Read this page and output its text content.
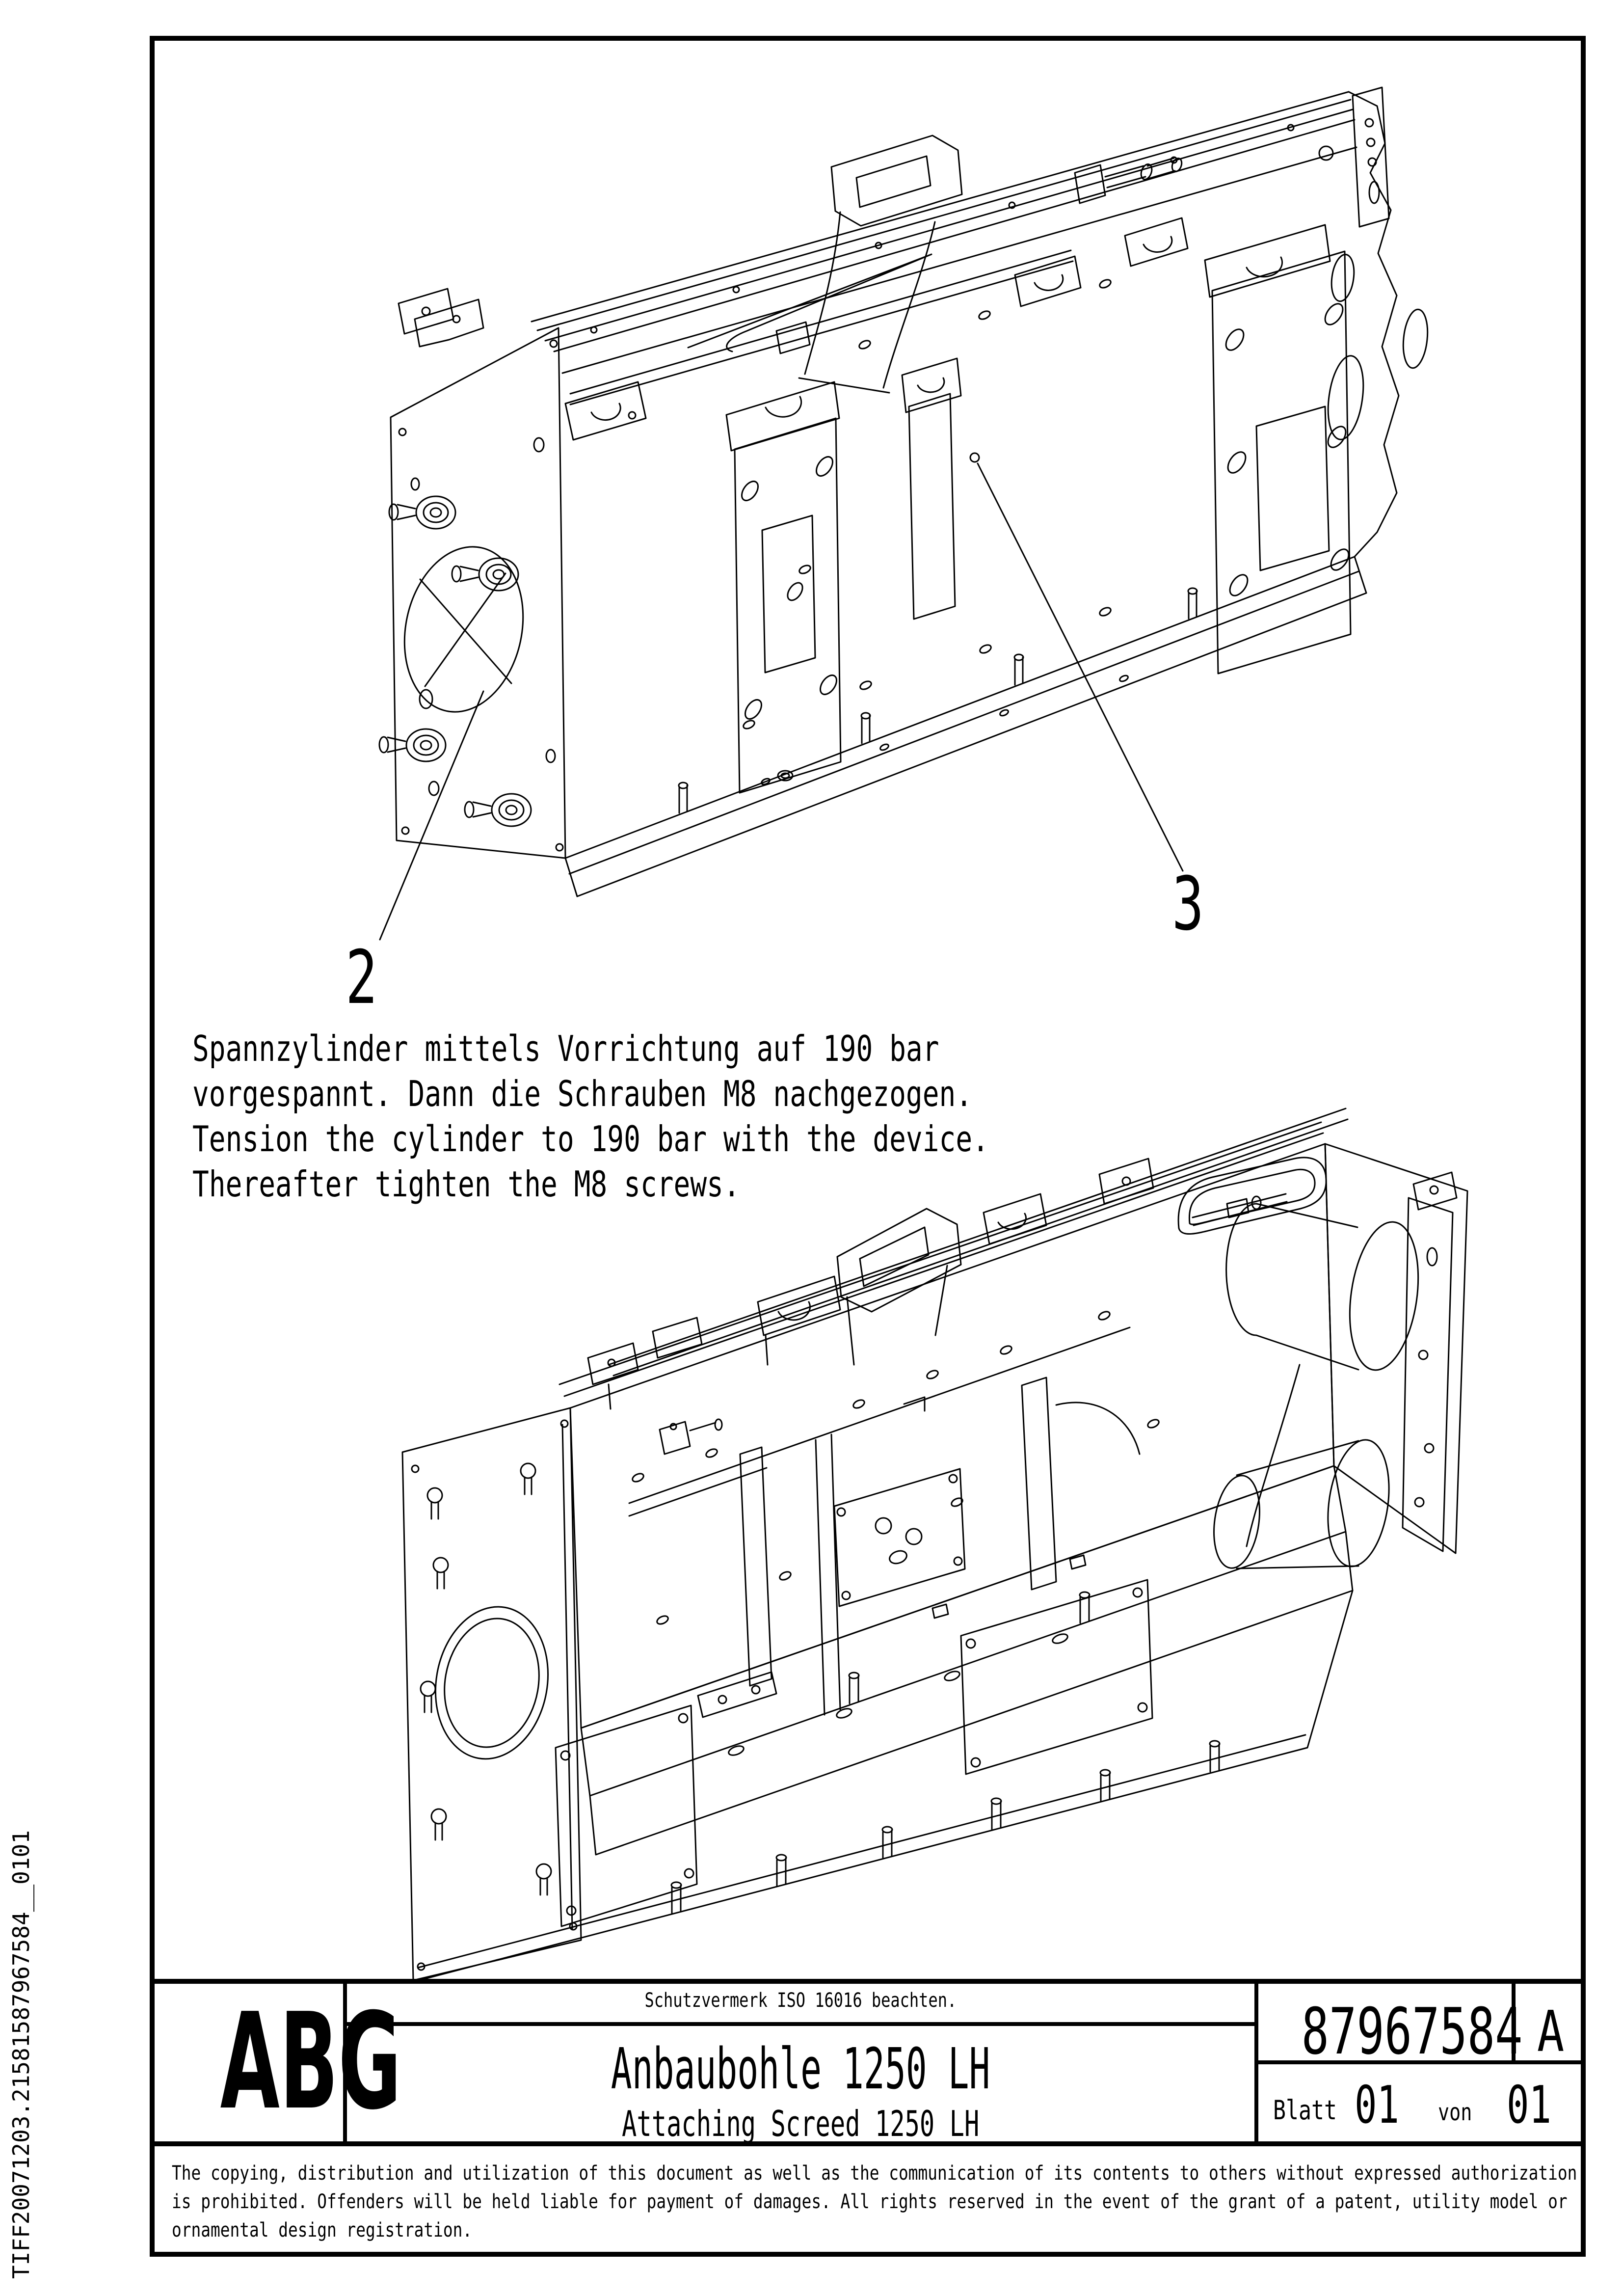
TIFF20071203.21581587967584__0101
2
3
Spannzylinder mittels Vorrichtung auf 190 bar
vorgespannt. Dann die Schrauben M8 nachgezogen.
Tension the cylinder to 190 bar with the device.
Thereafter tighten the M8 screws.
ABG	Schutzvermerk ISO 16016 beachten.
Anbaubohle 1250 LH
Attaching Screed 1250 LH
87967584 A
Blatt 01 von 01
The copying, distribution and utilization of this document as well as the communication of its contents to others without expressed authorization
is prohibited. Offenders will be held liable for payment of damages. All rights reserved in the event of the grant of a patent, utility model or
ornamental design registration.
